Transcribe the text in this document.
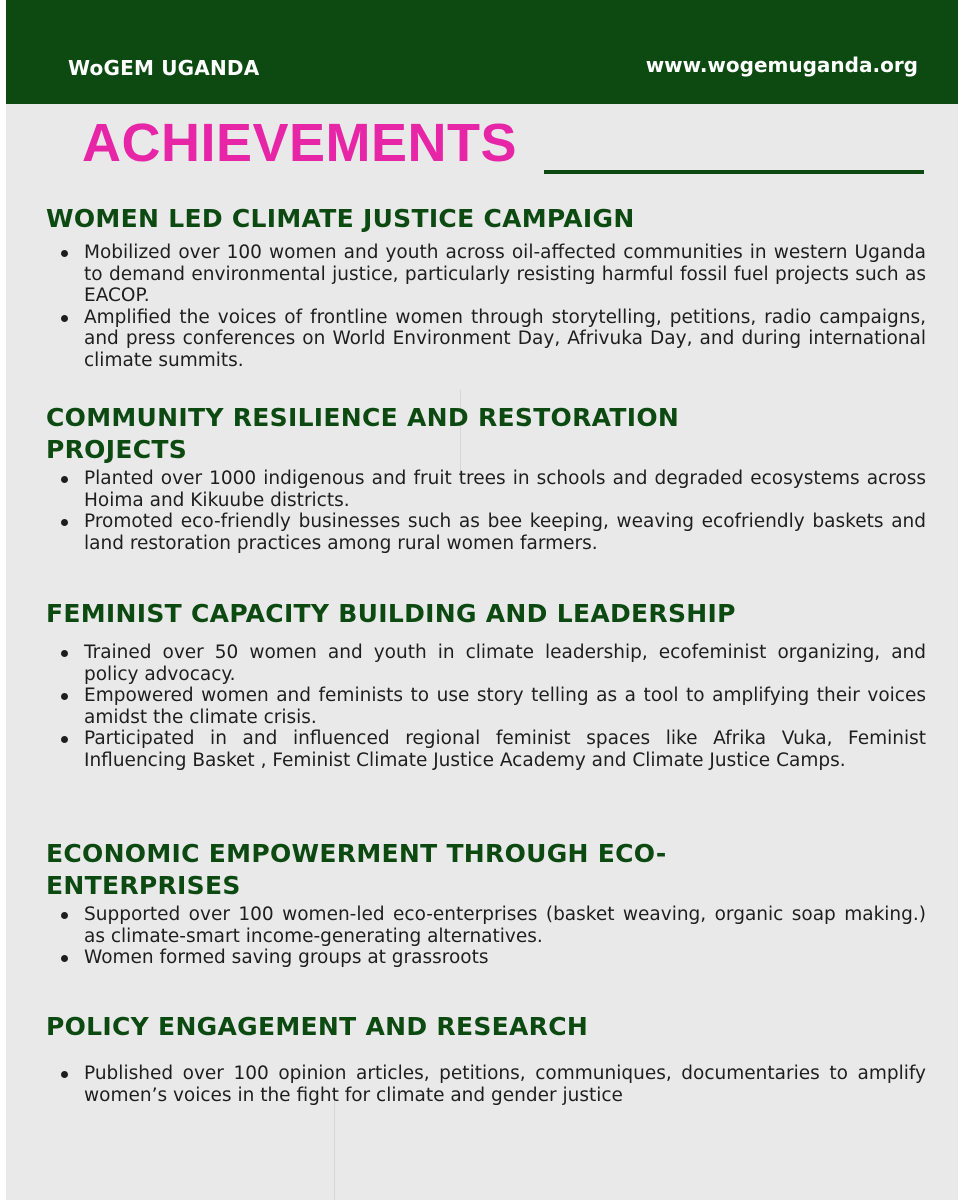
WoGEM UGANDA	www.wogemuganda.org
ACHIEVEMENTS
WOMEN LED CLIMATE JUSTICE CAMPAIGN
Mobilized over 100 women and youth across oil-affected communities in western Uganda to demand environmental justice, particularly resisting harmful fossil fuel projects such as EACOP.
Amplified the voices of frontline women through storytelling, petitions, radio campaigns, and press conferences on World Environment Day, Afrivuka Day, and during international climate summits.
COMMUNITY RESILIENCE AND RESTORATION PROJECTS
Planted over 1000 indigenous and fruit trees in schools and degraded ecosystems across Hoima and Kikuube districts.
Promoted eco-friendly businesses such as bee keeping, weaving ecofriendly baskets and land restoration practices among rural women farmers.
FEMINIST CAPACITY BUILDING AND LEADERSHIP
Trained over 50 women and youth in climate leadership, ecofeminist organizing, and policy advocacy.
Empowered women and feminists to use story telling as a tool to amplifying their voices amidst the climate crisis.
Participated in and influenced regional feminist spaces like Afrika Vuka, Feminist Influencing Basket , Feminist Climate Justice Academy and Climate Justice Camps.
ECONOMIC EMPOWERMENT THROUGH ECO-ENTERPRISES
Supported over 100 women-led eco-enterprises (basket weaving, organic soap making.) as climate-smart income-generating alternatives.
Women formed saving groups at grassroots
POLICY ENGAGEMENT AND RESEARCH
Published over 100 opinion articles, petitions, communiques, documentaries to amplify women’s voices in the fight for climate and gender justice
